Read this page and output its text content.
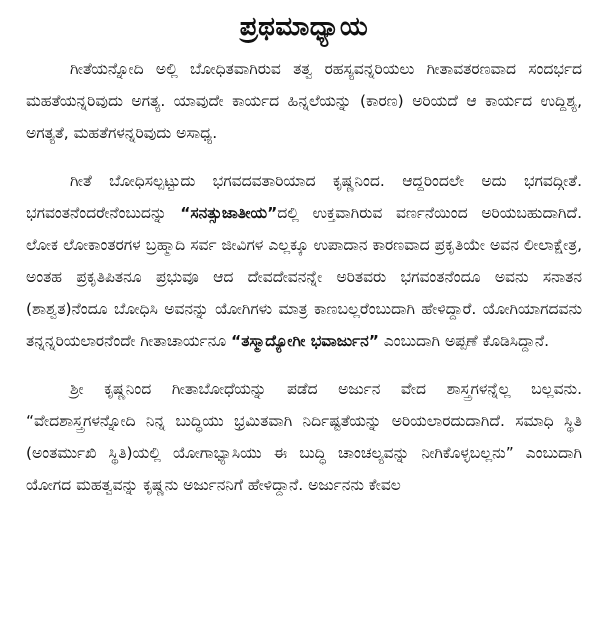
ಪ್ರಥಮಾಧ್ಯಾಯ

ಗೀತೆಯನ್ನೋದಿ ಅಲ್ಲಿ ಬೋಧಿತವಾಗಿರುವ ತತ್ವ ರಹಸ್ಯವನ್ನರಿಯಲು ಗೀತಾವತರಣವಾದ ಸಂದರ್ಭದ ಮಹತೆಯನ್ನರಿವುದು ಅಗತ್ಯ. ಯಾವುದೇ ಕಾರ್ಯದ ಹಿನ್ನಲೆಯನ್ನು (ಕಾರಣ) ಅರಿಯದೆ ಆ ಕಾರ್ಯದ ಉದ್ದಿಶ್ಯ, ಅಗತ್ಯತೆ, ಮಹತೆಗಳನ್ನರಿವುದು ಅಸಾಧ್ಯ.

ಗೀತೆ ಬೋಧಿಸಲ್ಪಟ್ಟುದು ಭಗವದವತಾರಿಯಾದ ಕೃಷ್ಣನಿಂದ. ಆದ್ದರಿಂದಲೇ ಅದು ಭಗವದ್ಗೀತೆ. ಭಗವಂತನೆಂದರೇನೆಂಬುದನ್ನು “ಸನತ್ಸುಜಾತೀಯ”ದಲ್ಲಿ ಉಕ್ತವಾಗಿರುವ ವರ್ಣನೆಯಿಂದ ಅರಿಯಬಹುದಾಗಿದೆ. ಲೋಕ ಲೋಕಾಂತರಗಳ ಬ್ರಹ್ಮಾದಿ ಸರ್ವ ಜೀವಿಗಳ ಎಲ್ಲಕ್ಕೂ ಉಪಾದಾನ ಕಾರಣವಾದ ಪ್ರಕೃತಿಯೇ ಅವನ ಲೀಲಾಕ್ಷೇತ್ರ, ಅಂತಹ ಪ್ರಕೃತಿಪಿತನೂ ಪ್ರಭುವೂ ಆದ ದೇವದೇವನನ್ನೇ ಅರಿತವರು ಭಗವಂತನೆಂದೂ ಅವನು ಸನಾತನ (ಶಾಶ್ವತ)ನೆಂದೂ ಬೋಧಿಸಿ ಅವನನ್ನು ಯೋಗಿಗಳು ಮಾತ್ರ ಕಾಣಬಲ್ಲರೆಂಬುದಾಗಿ ಹೇಳಿದ್ದಾರೆ. ಯೋಗಿಯಾಗದವನು ತನ್ನನ್ನರಿಯಲಾರನೆಂದೇ ಗೀತಾಚಾರ್ಯನೂ “ತಸ್ಮಾದ್ಯೋಗೀ ಭವಾರ್ಜುನ” ಎಂಬುದಾಗಿ ಅಪ್ಪಣೆ ಕೊಡಿಸಿದ್ದಾನೆ.

ಶ್ರೀ ಕೃಷ್ಣನಿಂದ ಗೀತಾಬೋಧೆಯನ್ನು ಪಡೆದ ಅರ್ಜುನ ವೇದ ಶಾಸ್ತ್ರಗಳನ್ನೆಲ್ಲ ಬಲ್ಲವನು. “ವೇದಶಾಸ್ತ್ರಗಳನ್ನೋದಿ ನಿನ್ನ ಬುದ್ಧಿಯು ಭ್ರಮಿತವಾಗಿ ನಿರ್ದಿಷ್ಟತೆಯನ್ನು ಅರಿಯಲಾರದುದಾಗಿದೆ. ಸಮಾಧಿ ಸ್ಥಿತಿ (ಅಂತರ್ಮುಖಿ ಸ್ಥಿತಿ)ಯಲ್ಲಿ ಯೋಗಾಭ್ಯಾಸಿಯು ಈ ಬುದ್ಧಿ ಚಾಂಚಲ್ಯವನ್ನು ನೀಗಿಕೊಳ್ಳಬಲ್ಲನು” ಎಂಬುದಾಗಿ ಯೋಗದ ಮಹತ್ವವನ್ನು ಕೃಷ್ಣನು ಅರ್ಜುನನಿಗೆ ಹೇಳಿದ್ದಾನೆ. ಅರ್ಜುನನು ಕೇವಲ
